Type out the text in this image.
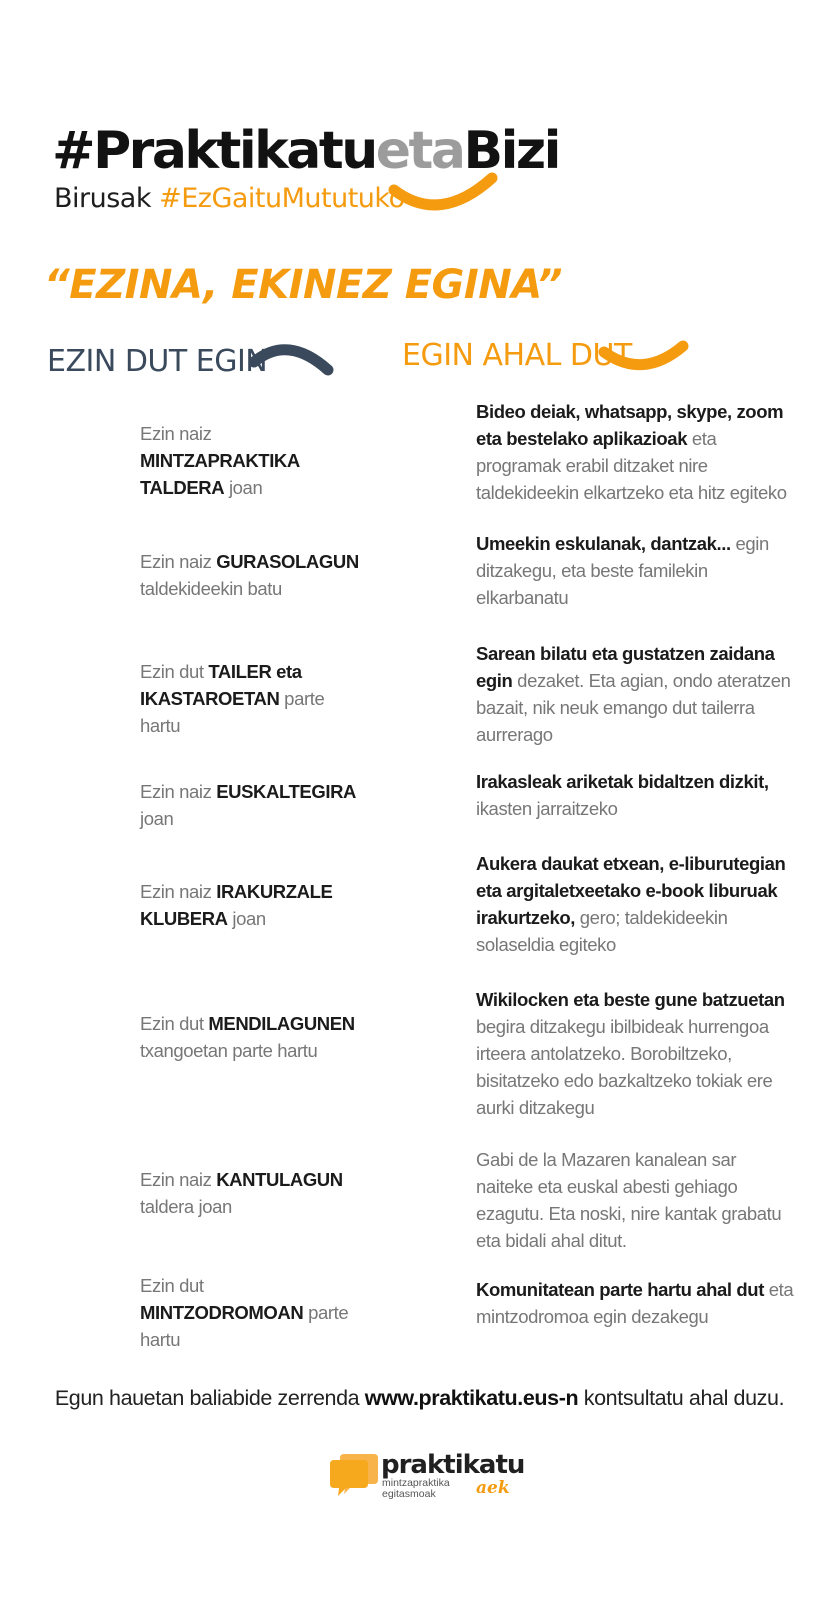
#PraktikatuetaBizi
Birusak #EzGaituMututuko
“EZINA, EKINEZ EGINA”
EZIN DUT EGIN	EGIN AHAL DUT
Ezin naiz MINTZAPRAKTIKA TALDERA joan
Bideo deiak, whatsapp, skype, zoom eta bestelako aplikazioak eta programak erabil ditzaket nire taldekideekin elkartzeko eta hitz egiteko
Ezin naiz GURASOLAGUN taldekideekin batu
Umeekin eskulanak, dantzak... egin ditzakegu, eta beste familekin elkarbanatu
Ezin dut TAILER eta IKASTAROETAN parte hartu
Sarean bilatu eta gustatzen zaidana egin dezaket. Eta agian, ondo ateratzen bazait, nik neuk emango dut tailerra aurrerago
Ezin naiz EUSKALTEGIRA joan
Irakasleak ariketak bidaltzen dizkit, ikasten jarraitzeko
Ezin naiz IRAKURZALE KLUBERA joan
Aukera daukat etxean, e-liburutegian eta argitaletxeetako e-book liburuak irakurtzeko, gero; taldekideekin solaseldia egiteko
Ezin dut MENDILAGUNEN txangoetan parte hartu
Wikilocken eta beste gune batzuetan begira ditzakegu ibilbideak hurrengoa irteera antolatzeko. Borobiltzeko, bisitatzeko edo bazkaltzeko tokiak ere aurki ditzakegu
Ezin naiz KANTULAGUN taldera joan
Gabi de la Mazaren kanalean sar naiteke eta euskal abesti gehiago ezagutu. Eta noski, nire kantak grabatu eta bidali ahal ditut.
Ezin dut MINTZODROMOAN parte hartu
Komunitatean parte hartu ahal dut eta mintzodromoa egin dezakegu
Egun hauetan baliabide zerrenda www.praktikatu.eus-n kontsultatu ahal duzu.
praktikatu
mintzapraktika egitasmoak	aek
